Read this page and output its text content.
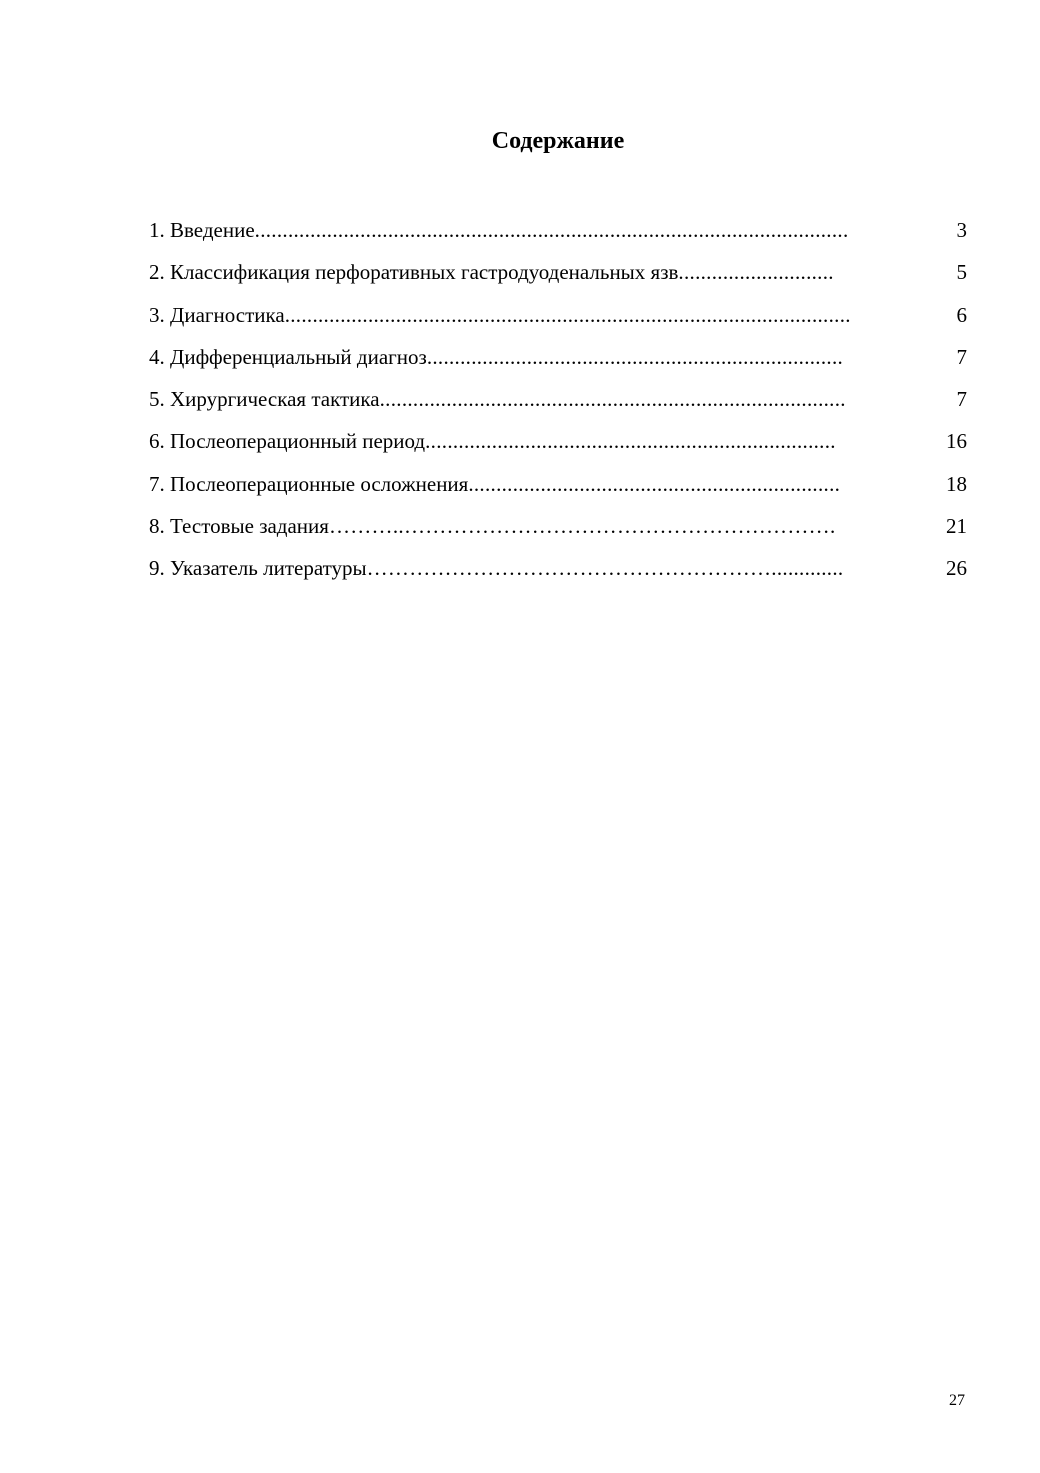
Содержание
1. Введение ...........................................................................................................	3
2. Классификация перфоративных гастродуоденальных язв ............................	5
3. Диагностика ......................................................................................................	6
4. Дифференциальный диагноз ...........................................................................	7
5. Хирургическая тактика ....................................................................................	7
6. Послеоперационный период ..........................................................................	16
7. Послеоперационные осложнения ...................................................................	18
8. Тестовые задания ………..…………………………………………………….	21
9. Указатель литературы ………………………………………………….............	26
27
